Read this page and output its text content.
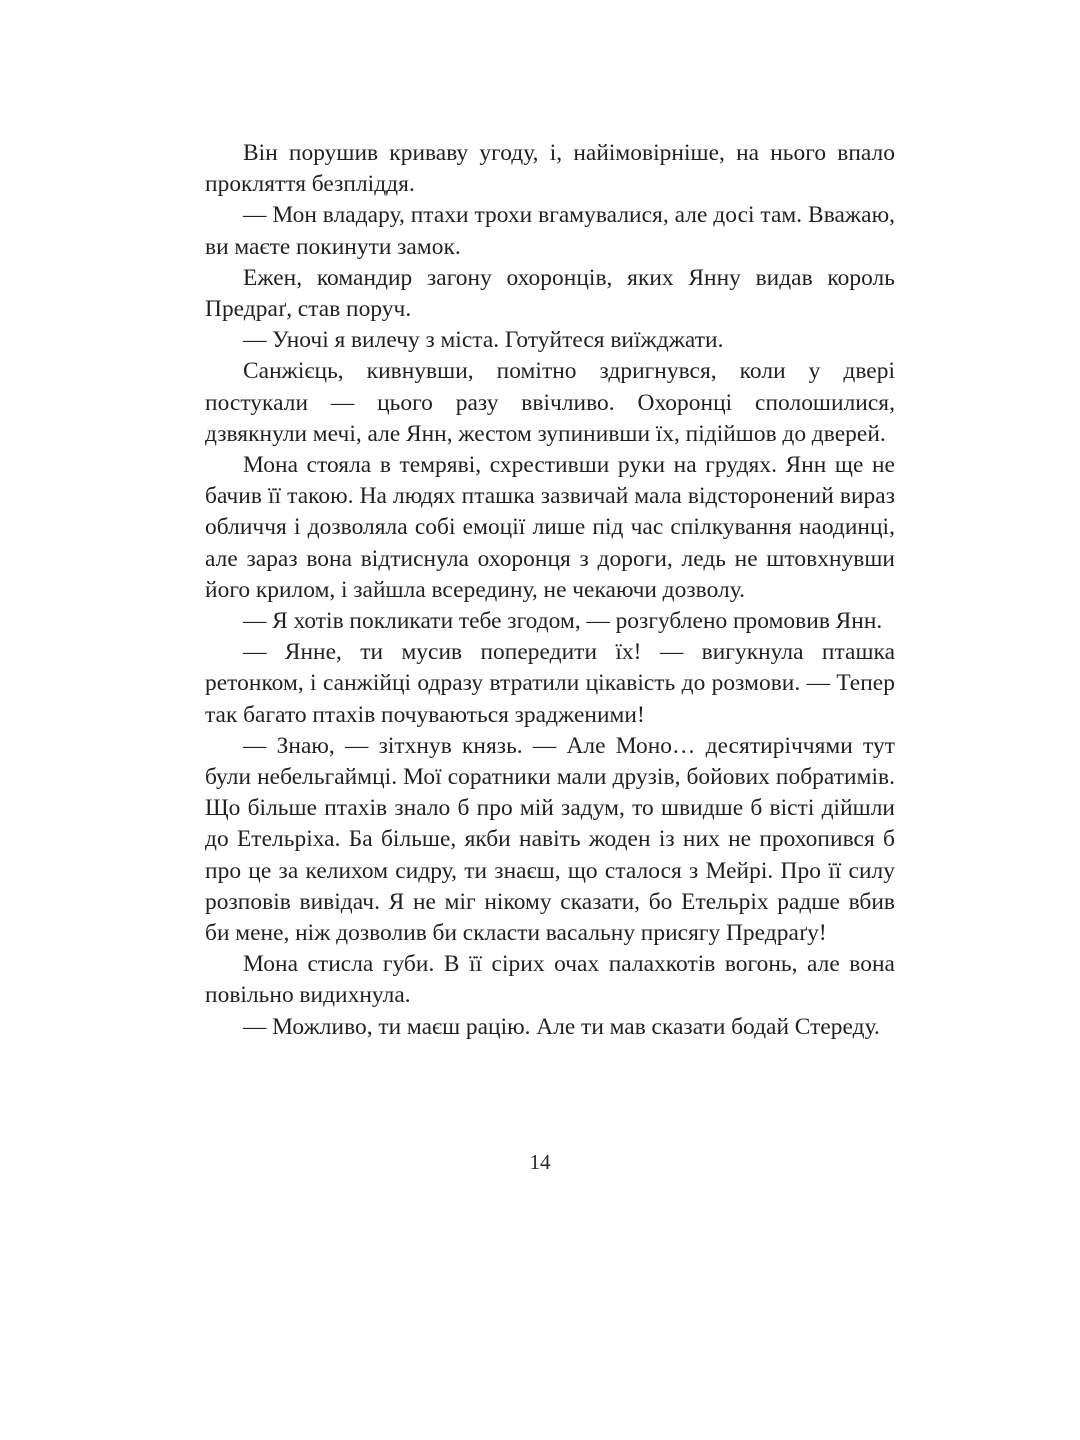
Він порушив криваву угоду, і, найімовірніше, на нього впало прокляття безпліддя.

— Мон владару, птахи трохи вгамувалися, але досі там. Вважаю, ви маєте покинути замок.

Ежен, командир загону охоронців, яких Янну видав король Предраґ, став поруч.

— Уночі я вилечу з міста. Готуйтеся виїжджати.

Санжієць, кивнувши, помітно здригнувся, коли у двері постукали — цього разу ввічливо. Охоронці сполошилися, дзвякнули мечі, але Янн, жестом зупинивши їх, підійшов до дверей.

Мона стояла в темряві, схрестивши руки на грудях. Янн ще не бачив її такою. На людях пташка зазвичай мала відсторонений вираз обличчя і дозволяла собі емоції лише під час спілкування наодинці, але зараз вона відтиснула охоронця з дороги, ледь не штовхнувши його крилом, і зайшла всередину, не чекаючи дозволу.

— Я хотів покликати тебе згодом, — розгублено промовив Янн.

— Янне, ти мусив попередити їх! — вигукнула пташка ретонком, і санжійці одразу втратили цікавість до розмови. — Тепер так багато птахів почуваються зрадженими!

— Знаю, — зітхнув князь. — Але Моно… десятиріччями тут були небельгаймці. Мої соратники мали друзів, бойових побратимів. Що більше птахів знало б про мій задум, то швидше б вісті дійшли до Етельріха. Ба більше, якби навіть жоден із них не прохопився б про це за келихом сидру, ти знаєш, що сталося з Мейрі. Про її силу розповів вивідач. Я не міг нікому сказати, бо Етельріх радше вбив би мене, ніж дозволив би скласти васальну присягу Предраґу!

Мона стисла губи. В її сірих очах палахкотів вогонь, але вона повільно видихнула.

— Можливо, ти маєш рацію. Але ти мав сказати бодай Стереду.

14
